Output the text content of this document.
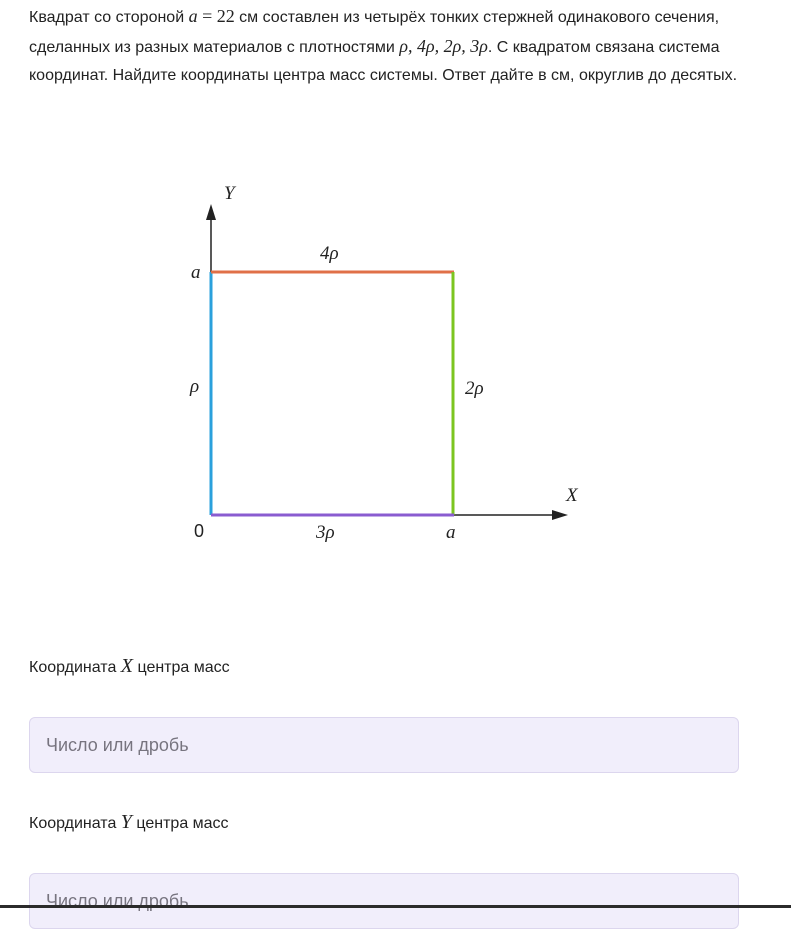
Квадрат со стороной a = 22 см составлен из четырёх тонких стержней одинакового сечения, сделанных из разных материалов с плотностями ρ, 4ρ, 2ρ, 3ρ. С квадратом связана система координат. Найдите координаты центра масс системы. Ответ дайте в см, округлив до десятых.
Y
X
0
a
a
4ρ
ρ	2ρ
3ρ
Координата X центра масс
Число или дробь
Координата Y центра масс
Число или дробь
